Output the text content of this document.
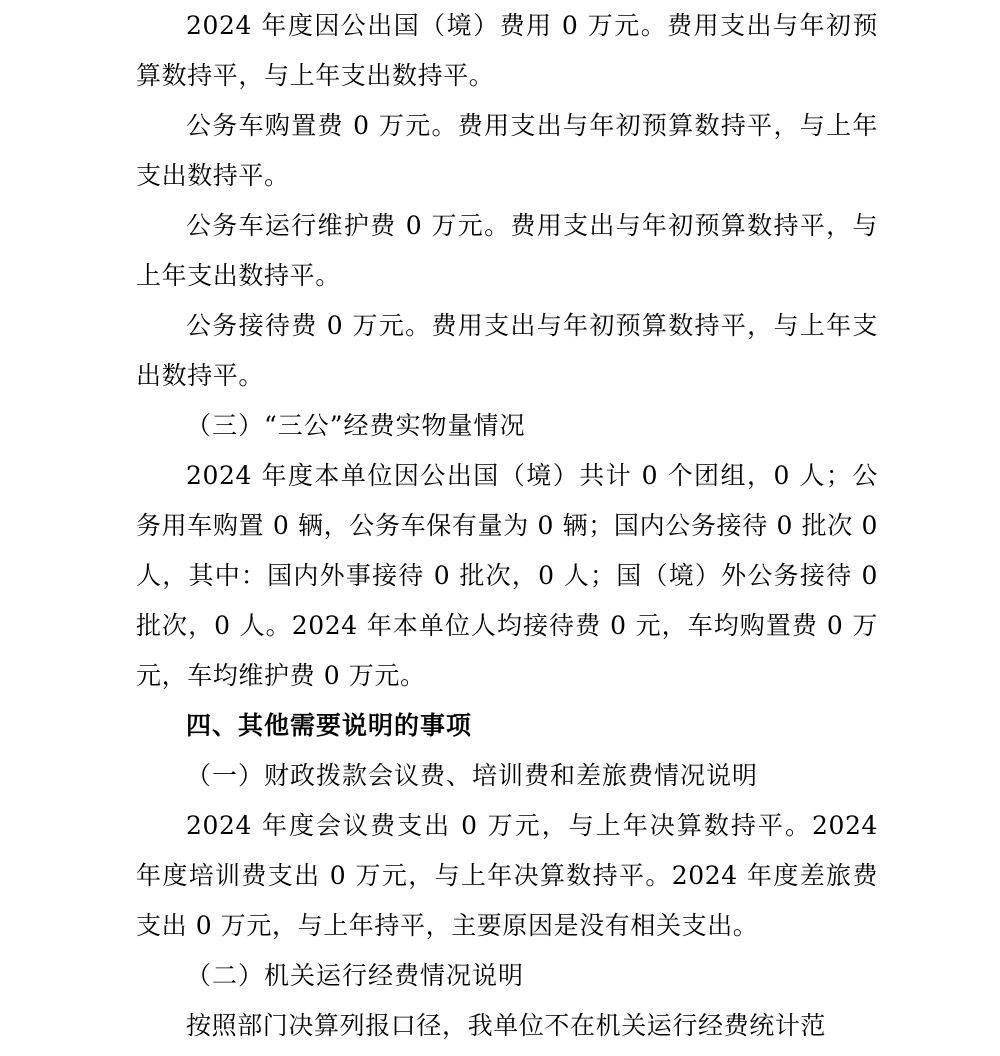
2024 年度因公出国（境）费用 0 万元。费用支出与年初预算数持平，与上年支出数持平。

公务车购置费 0 万元。费用支出与年初预算数持平，与上年支出数持平。

公务车运行维护费 0 万元。费用支出与年初预算数持平，与上年支出数持平。

公务接待费 0 万元。费用支出与年初预算数持平，与上年支出数持平。

（三）“三公”经费实物量情况

2024 年度本单位因公出国（境）共计 0 个团组，0 人；公务用车购置 0 辆，公务车保有量为 0 辆；国内公务接待 0 批次 0 人，其中：国内外事接待 0 批次，0 人；国（境）外公务接待 0 批次，0 人。2024 年本单位人均接待费 0 元，车均购置费 0 万元，车均维护费 0 万元。

四、其他需要说明的事项

（一）财政拨款会议费、培训费和差旅费情况说明

2024 年度会议费支出 0 万元，与上年决算数持平。2024 年度培训费支出 0 万元，与上年决算数持平。2024 年度差旅费支出 0 万元，与上年持平，主要原因是没有相关支出。

（二）机关运行经费情况说明

按照部门决算列报口径，我单位不在机关运行经费统计范
